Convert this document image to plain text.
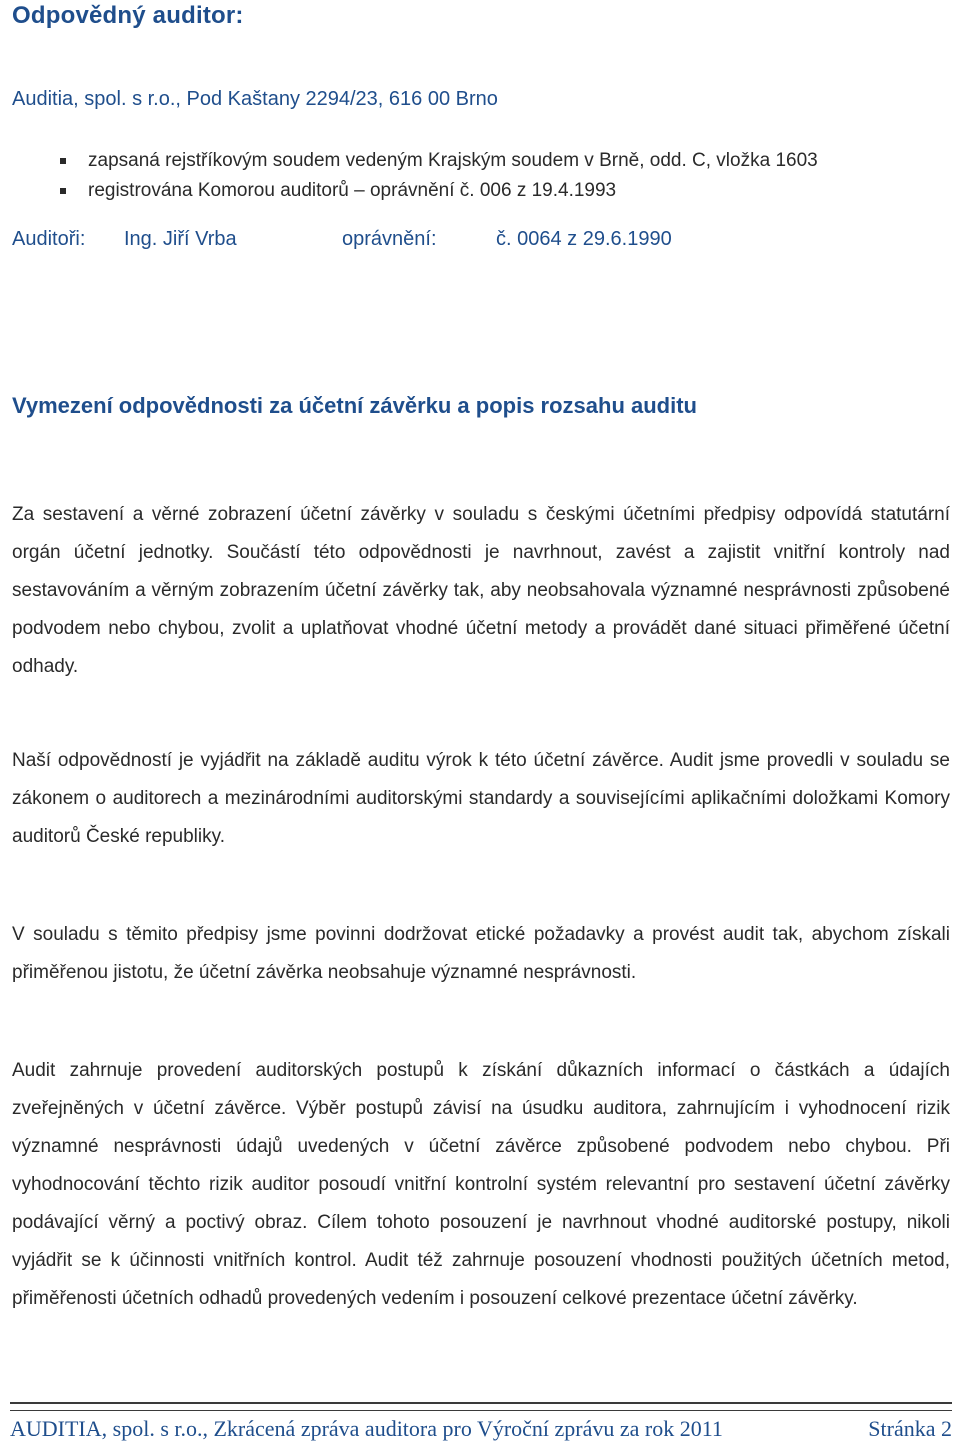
Odpovědný auditor:
Auditia, spol. s r.o., Pod Kaštany 2294/23, 616 00 Brno
zapsaná rejstříkovým soudem vedeným Krajským soudem v Brně, odd. C, vložka 1603
registrována Komorou auditorů – oprávnění č. 006 z 19.4.1993
Auditoři: Ing. Jiří Vrba	oprávnění:	č. 0064 z 29.6.1990
Vymezení odpovědnosti za účetní závěrku a popis rozsahu auditu

Za sestavení a věrné zobrazení účetní závěrky v souladu s českými účetními předpisy odpovídá statutární orgán účetní jednotky. Součástí této odpovědnosti je navrhnout, zavést a zajistit vnitřní kontroly nad sestavováním a věrným zobrazením účetní závěrky tak, aby neobsahovala významné nesprávnosti způsobené podvodem nebo chybou, zvolit a uplatňovat vhodné účetní metody a provádět dané situaci přiměřené účetní odhady.

Naší odpovědností je vyjádřit na základě auditu výrok k této účetní závěrce. Audit jsme provedli v souladu se zákonem o auditorech a mezinárodními auditorskými standardy a souvisejícími aplikačními doložkami Komory auditorů České republiky.

V souladu s těmito předpisy jsme povinni dodržovat etické požadavky a provést audit tak, abychom získali přiměřenou jistotu, že účetní závěrka neobsahuje významné nesprávnosti.

Audit zahrnuje provedení auditorských postupů k získání důkazních informací o částkách a údajích zveřejněných v účetní závěrce. Výběr postupů závisí na úsudku auditora, zahrnujícím i vyhodnocení rizik významné nesprávnosti údajů uvedených v účetní závěrce způsobené podvodem nebo chybou. Při vyhodnocování těchto rizik auditor posoudí vnitřní kontrolní systém relevantní pro sestavení účetní závěrky podávající věrný a poctivý obraz. Cílem tohoto posouzení je navrhnout vhodné auditorské postupy, nikoli vyjádřit se k účinnosti vnitřních kontrol. Audit též zahrnuje posouzení vhodnosti použitých účetních metod, přiměřenosti účetních odhadů provedených vedením i posouzení celkové prezentace účetní závěrky.

AUDITIA, spol. s r.o., Zkrácená zpráva auditora pro Výroční zprávu za rok 2011	Stránka 2
